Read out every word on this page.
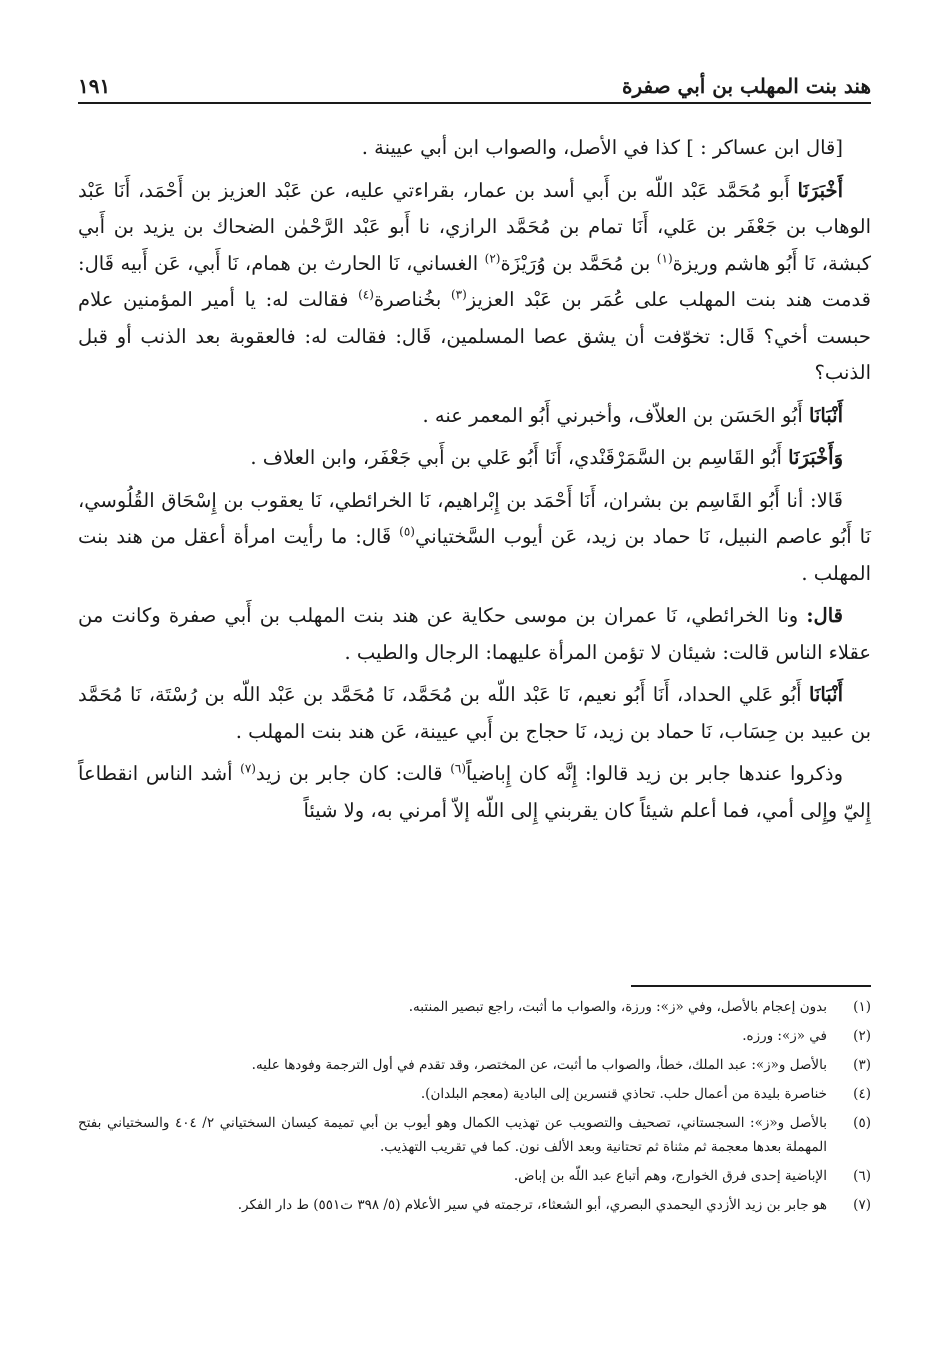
هند بنت المهلب بن أبي صفرة
١٩١

[قال ابن عساكر : ] كذا في الأصل، والصواب ابن أبي عيينة .

أَخْبَرَنَا أَبو مُحَمَّد عَبْد اللّه بن أَبي أسد بن عمار، بقراءتي عليه، عن عَبْد العزيز بن أَحْمَد، أَنَا عَبْد الوهاب بن جَعْفَر بن عَلي، أَنَا تمام بن مُحَمَّد الرازي، نا أَبو عَبْد الرَّحْمٰن الضحاك بن يزيد بن أَبي كبشة، نَا أَبُو هاشم وريزة$^{(١)}$ بن مُحَمَّد بن وُرَيْزَة$^{(٢)}$ الغساني، نَا الحارث بن همام، نَا أَبي، عَن أَبيه قَال: قدمت هند بنت المهلب على عُمَر بن عَبْد العزيز$^{(٣)}$ بخُناصرة$^{(٤)}$ فقالت له: يا أمير المؤمنين علام حبست أخي؟ قَال: تخوّفت أن يشق عصا المسلمين، قَال: فقالت له: فالعقوبة بعد الذنب أو قبل الذنب؟

أَنْبَانَا أَبُو الحَسَن بن العلاّف، وأخبرني أَبُو المعمر عنه .

وَأَخْبَرَنَا أَبُو القَاسِم بن السَّمَرْقَنْدي، أَنَا أَبُو عَلي بن أَبي جَعْفَر، وابن العلاف .

قَالا: أنا أَبُو القَاسِم بن بشران، أَنَا أَحْمَد بن إِبْراهيم، نَا الخرائطي، نَا يعقوب بن إِسْحَاق القُلُوسي، نَا أَبُو عاصم النبيل، نَا حماد بن زيد، عَن أيوب السَّختياني$^{(٥)}$ قَال: ما رأيت امرأة أعقل من هند بنت المهلب .

قال: ونا الخرائطي، نَا عمران بن موسى حكاية عن هند بنت المهلب بن أَبي صفرة وكانت من عقلاء الناس قالت: شيئان لا تؤمن المرأة عليهما: الرجال والطيب .

أَنْبَانَا أَبُو عَلي الحداد، أَنَا أَبُو نعيم، نَا عَبْد اللّه بن مُحَمَّد، نَا مُحَمَّد بن عَبْد اللّه بن رُسْتَة، نَا مُحَمَّد بن عبيد بن حِسَاب، نَا حماد بن زيد، نَا حجاج بن أَبي عيينة، عَن هند بنت المهلب .

وذكروا عندها جابر بن زيد قالوا: إِنَّه كان إِباضياً$^{(٦)}$ قالت: كان جابر بن زيد$^{(٧)}$ أشد الناس انقطاعاً إِليّ وإِلى أمي، فما أعلم شيئاً كان يقربني إِلى اللّه إلاّ أمرني به، ولا شيئاً

(١)
بدون إعجام بالأصل، وفي «ز»: ورزة، والصواب ما أثبت، راجع تبصير المنتبه.
(٢)
في «ز»: ورزه.
(٣)
بالأصل و«ز»: عبد الملك، خطأ، والصواب ما أثبت، عن المختصر، وقد تقدم في أول الترجمة وفودها عليه.
(٤)
خناصرة بليدة من أعمال حلب. تحاذي قنسرين إلى البادية (معجم البلدان).
(٥)
بالأصل و«ز»: السجستاني، تصحيف والتصويب عن تهذيب الكمال وهو أيوب بن أبي تميمة كيسان السختياني ٢/ ٤٠٤ والسختياني بفتح المهملة بعدها معجمة ثم مثناة ثم تحتانية وبعد الألف نون. كما في تقريب التهذيب.
(٦)
الإباضية إحدى فرق الخوارج، وهم أتباع عبد اللّه بن إباض.
(٧)
هو جابر بن زيد الأزدي اليحمدي البصري، أبو الشعثاء، ترجمته في سير الأعلام (٥/ ٣٩٨ ت٥٥١) ط دار الفكر.
